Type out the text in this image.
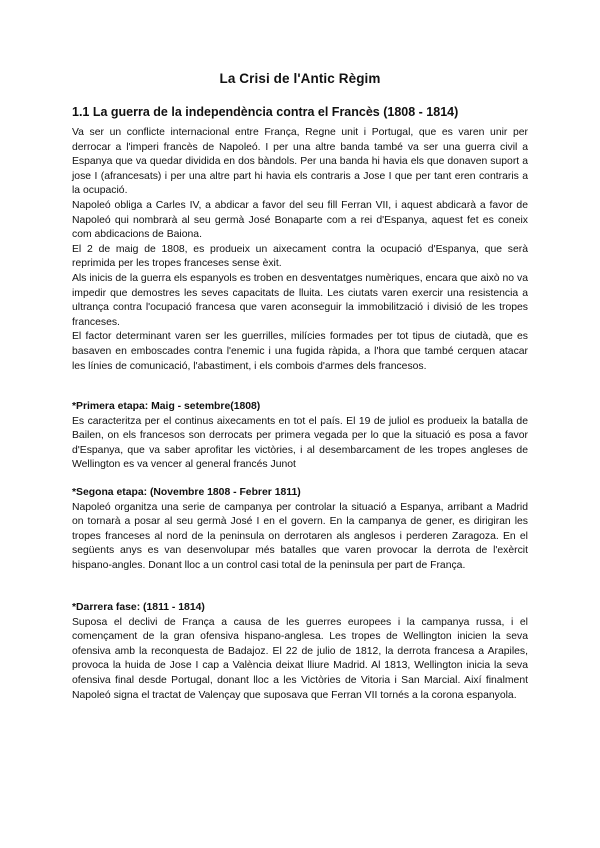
La Crisi de l'Antic Règim
1.1 La guerra de la independència contra el Francès (1808 - 1814)

Va ser un conflicte internacional entre França, Regne unit i Portugal, que es varen unir per derrocar a l'imperi francès de Napoleó. I per una altre banda també va ser una guerra civil a Espanya que va quedar dividida en dos bàndols. Per una banda hi havia els que donaven suport a jose I (afrancesats) i per una altre part hi havia els contraris a Jose I que per tant eren contraris a la ocupació.

Napoleó obliga a Carles IV, a abdicar a favor del seu fill Ferran VII, i aquest abdicarà a favor de Napoleó qui nombrarà al seu germà José Bonaparte com a rei d'Espanya, aquest fet es coneix com abdicacions de Baiona.

El 2 de maig de 1808, es produeix un aixecament contra la ocupació d'Espanya, que serà reprimida per les tropes franceses sense èxit.

Als inicis de la guerra els espanyols es troben en desventatges numèriques, encara que això no va impedir que demostres les seves capacitats de lluita. Les ciutats varen exercir una resistencia a ultrança contra l'ocupació francesa que varen aconseguir la immobilització i divisió de les tropes franceses.

El factor determinant varen ser les guerrilles, milícies formades per tot tipus de ciutadà, que es basaven en emboscades contra l'enemic i una fugida ràpida, a l'hora que també cerquen atacar les línies de comunicació, l'abastiment, i els combois d'armes dels francesos.

*Primera etapa: Maig - setembre(1808)

Es caracteritza per el continus aixecaments en tot el país. El 19 de juliol es produeix la batalla de Bailen, on els francesos son derrocats per primera vegada per lo que la situació es posa a favor d'Espanya, que va saber aprofitar les victòries, i al desembarcament de les tropes angleses de Wellington es va vencer al general francés Junot

*Segona etapa: (Novembre 1808 - Febrer 1811)

Napoleó organitza una serie de campanya per controlar la situació a Espanya, arribant a Madrid on tornarà a posar al seu germà José I en el govern. En la campanya de gener, es dirigiran les tropes franceses al nord de la peninsula on derrotaren als anglesos i perderen Zaragoza. En el següents anys es van desenvolupar més batalles que varen provocar la derrota de l'exèrcit hispano-angles. Donant lloc a un control casi total de la peninsula per part de França.

*Darrera fase: (1811 - 1814)

Suposa el declivi de França a causa de les guerres europees i la campanya russa, i el començament de la gran ofensiva hispano-anglesa. Les tropes de Wellington inicien la seva ofensiva amb la reconquesta de Badajoz. El 22 de julio de 1812, la derrota francesa a Arapiles, provoca la huida de Jose I cap a València deixat lliure Madrid. Al 1813, Wellington inicia la seva ofensiva final desde Portugal, donant lloc a les Victòries de Vitoria i San Marcial. Així finalment Napoleó signa el tractat de Valençay que suposava que Ferran VII tornés a la corona espanyola.
